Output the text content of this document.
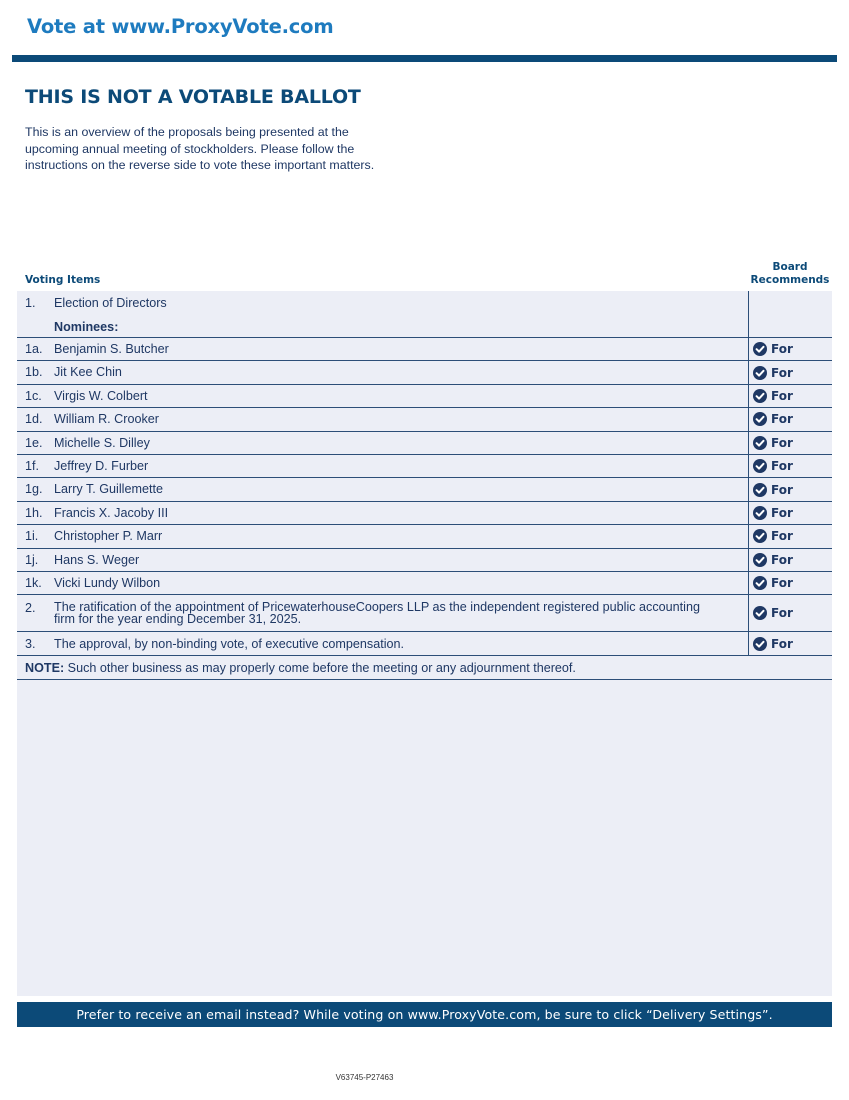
Vote at www.ProxyVote.com
THIS IS NOT A VOTABLE BALLOT
This is an overview of the proposals being presented at the
upcoming annual meeting of stockholders. Please follow the
instructions on the reverse side to vote these important matters.
Voting Items
Board
Recommends
1. Election of Directors
Nominees:
1a. Benjamin S. Butcher	For
1b. Jit Kee Chin	For
1c. Virgis W. Colbert	For
1d. William R. Crooker	For
1e. Michelle S. Dilley	For
1f. Jeffrey D. Furber	For
1g. Larry T. Guillemette	For
1h. Francis X. Jacoby III	For
1i. Christopher P. Marr	For
1j. Hans S. Weger	For
1k. Vicki Lundy Wilbon	For
2. The ratification of the appointment of PricewaterhouseCoopers LLP as the independent registered public accounting
firm for the year ending December 31, 2025.	For
3. The approval, by non-binding vote, of executive compensation.	For
NOTE: Such other business as may properly come before the meeting or any adjournment thereof.
Prefer to receive an email instead? While voting on www.ProxyVote.com, be sure to click “Delivery Settings”.
V63745-P27463
